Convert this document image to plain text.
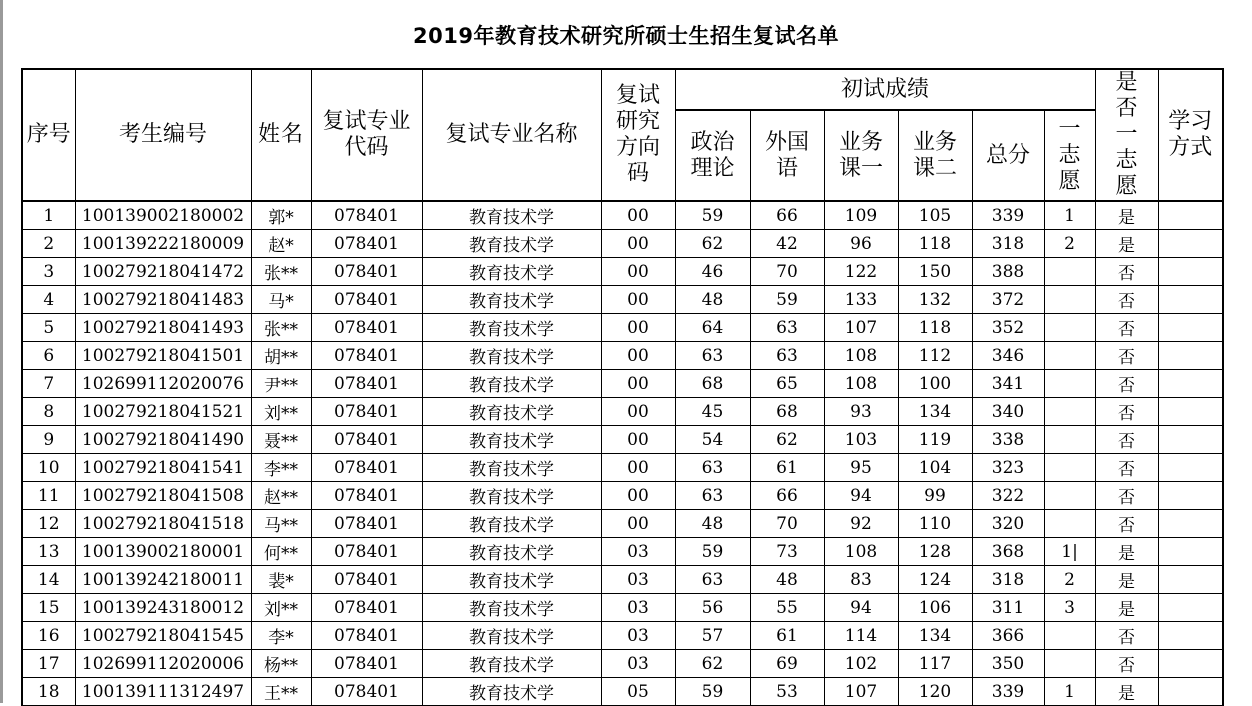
2019年教育技术研究所硕士生招生复试名单
序号	考生编号	姓名	复试专业代码	复试专业名称	复试研究方向码	初试成绩						是否一志愿	学习方式
						政治理论	外国语	业务课一	业务课二	总分	一志愿		
1	100139002180002	郭*	078401	教育技术学	00	59	66	109	105	339	1	是	
2	100139222180009	赵*	078401	教育技术学	00	62	42	96	118	318	2	是	
3	100279218041472	张**	078401	教育技术学	00	46	70	122	150	388		否	
4	100279218041483	马*	078401	教育技术学	00	48	59	133	132	372		否	
5	100279218041493	张**	078401	教育技术学	00	64	63	107	118	352		否	
6	100279218041501	胡**	078401	教育技术学	00	63	63	108	112	346		否	
7	102699112020076	尹**	078401	教育技术学	00	68	65	108	100	341		否	
8	100279218041521	刘**	078401	教育技术学	00	45	68	93	134	340		否	
9	100279218041490	聂**	078401	教育技术学	00	54	62	103	119	338		否	
10	100279218041541	李**	078401	教育技术学	00	63	61	95	104	323		否	
11	100279218041508	赵**	078401	教育技术学	00	63	66	94	99	322		否	
12	100279218041518	马**	078401	教育技术学	00	48	70	92	110	320		否	
13	100139002180001	何**	078401	教育技术学	03	59	73	108	128	368	1|	是	
14	100139242180011	裴*	078401	教育技术学	03	63	48	83	124	318	2	是	
15	100139243180012	刘**	078401	教育技术学	03	56	55	94	106	311	3	是	
16	100279218041545	李*	078401	教育技术学	03	57	61	114	134	366		否	
17	102699112020006	杨**	078401	教育技术学	03	62	69	102	117	350		否	
18	100139111312497	王**	078401	教育技术学	05	59	53	107	120	339	1	是	
